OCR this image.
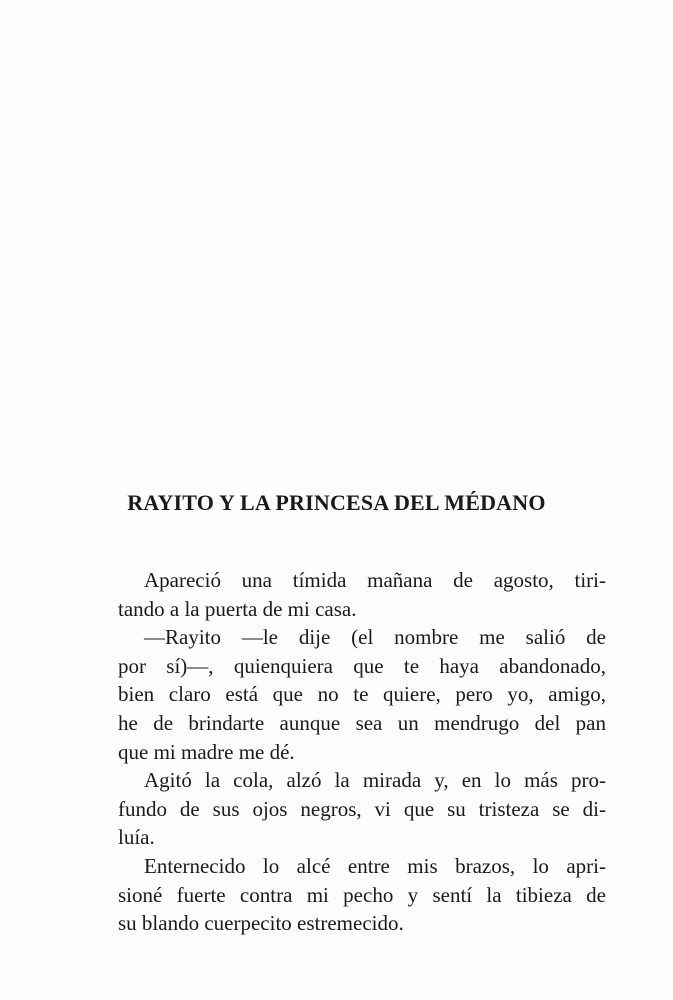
RAYITO Y LA PRINCESA DEL MÉDANO
Apareció una tímida mañana de agosto, tiri-
tando a la puerta de mi casa.
—Rayito —le dije (el nombre me salió de
por sí)—, quienquiera que te haya abandonado,
bien claro está que no te quiere, pero yo, amigo,
he de brindarte aunque sea un mendrugo del pan
que mi madre me dé.
Agitó la cola, alzó la mirada y, en lo más pro-
fundo de sus ojos negros, vi que su tristeza se di-
luía.
Enternecido lo alcé entre mis brazos, lo apri-
sioné fuerte contra mi pecho y sentí la tibieza de
su blando cuerpecito estremecido.
